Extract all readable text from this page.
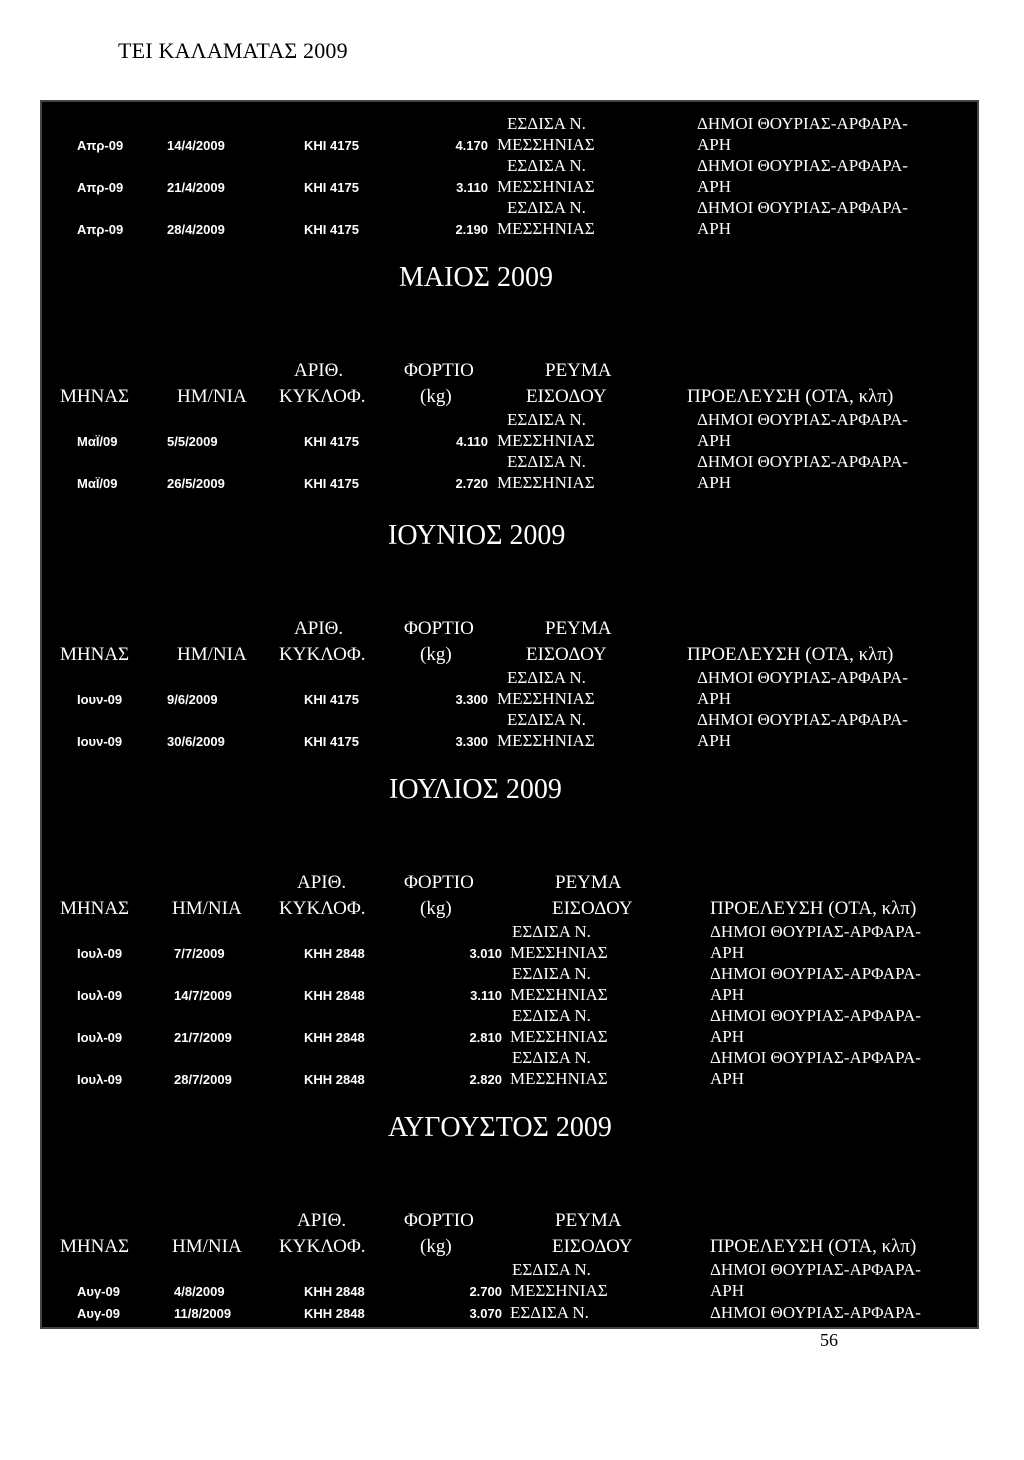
ΤΕΙ ΚΑΛΑΜΑΤΑΣ 2009
ΕΣΔΙΣΑ Ν.	ΔΗΜΟΙ ΘΟΥΡΙΑΣ-ΑΡΦΑΡΑ-
Απρ-09	14/4/2009	ΚΗΙ 4175	4.170 ΜΕΣΣΗΝΙΑΣ	ΑΡΗ
ΕΣΔΙΣΑ Ν.	ΔΗΜΟΙ ΘΟΥΡΙΑΣ-ΑΡΦΑΡΑ-
Απρ-09	21/4/2009	ΚΗΙ 4175	3.110 ΜΕΣΣΗΝΙΑΣ	ΑΡΗ
ΕΣΔΙΣΑ Ν.	ΔΗΜΟΙ ΘΟΥΡΙΑΣ-ΑΡΦΑΡΑ-
Απρ-09	28/4/2009	ΚΗΙ 4175	2.190 ΜΕΣΣΗΝΙΑΣ	ΑΡΗ
ΜΑΙΟΣ 2009
ΑΡΙΘ.	ΦΟΡΤΙΟ	ΡΕΥΜΑ
ΜΗΝΑΣ	ΗΜ/ΝΙΑ ΚΥΚΛΟΦ.	(kg)	ΕΙΣΟΔΟΥ	ΠΡΟΕΛΕΥΣΗ (ΟΤΑ, κλπ)
ΕΣΔΙΣΑ Ν.	ΔΗΜΟΙ ΘΟΥΡΙΑΣ-ΑΡΦΑΡΑ-
ΜαΪ/09	5/5/2009	ΚΗΙ 4175	4.110 ΜΕΣΣΗΝΙΑΣ	ΑΡΗ
ΕΣΔΙΣΑ Ν.	ΔΗΜΟΙ ΘΟΥΡΙΑΣ-ΑΡΦΑΡΑ-
ΜαΪ/09	26/5/2009	ΚΗΙ 4175	2.720 ΜΕΣΣΗΝΙΑΣ	ΑΡΗ
ΙΟΥΝΙΟΣ 2009
ΑΡΙΘ.	ΦΟΡΤΙΟ	ΡΕΥΜΑ
ΜΗΝΑΣ	ΗΜ/ΝΙΑ ΚΥΚΛΟΦ.	(kg)	ΕΙΣΟΔΟΥ	ΠΡΟΕΛΕΥΣΗ (ΟΤΑ, κλπ)
ΕΣΔΙΣΑ Ν.	ΔΗΜΟΙ ΘΟΥΡΙΑΣ-ΑΡΦΑΡΑ-
Ιουν-09	9/6/2009	ΚΗΙ 4175	3.300 ΜΕΣΣΗΝΙΑΣ	ΑΡΗ
ΕΣΔΙΣΑ Ν.	ΔΗΜΟΙ ΘΟΥΡΙΑΣ-ΑΡΦΑΡΑ-
Ιουν-09	30/6/2009	ΚΗΙ 4175	3.300 ΜΕΣΣΗΝΙΑΣ	ΑΡΗ
ΙΟΥΛΙΟΣ 2009
ΑΡΙΘ.	ΦΟΡΤΙΟ	ΡΕΥΜΑ
ΜΗΝΑΣ ΗΜ/ΝΙΑ ΚΥΚΛΟΦ.	(kg)	ΕΙΣΟΔΟΥ	ΠΡΟΕΛΕΥΣΗ (ΟΤΑ, κλπ)
ΕΣΔΙΣΑ Ν.	ΔΗΜΟΙ ΘΟΥΡΙΑΣ-ΑΡΦΑΡΑ-
Ιουλ-09	7/7/2009	ΚΗΗ 2848	3.010 ΜΕΣΣΗΝΙΑΣ	ΑΡΗ
ΕΣΔΙΣΑ Ν.	ΔΗΜΟΙ ΘΟΥΡΙΑΣ-ΑΡΦΑΡΑ-
Ιουλ-09	14/7/2009	ΚΗΗ 2848	3.110 ΜΕΣΣΗΝΙΑΣ	ΑΡΗ
ΕΣΔΙΣΑ Ν.	ΔΗΜΟΙ ΘΟΥΡΙΑΣ-ΑΡΦΑΡΑ-
Ιουλ-09	21/7/2009	ΚΗΗ 2848	2.810 ΜΕΣΣΗΝΙΑΣ	ΑΡΗ
ΕΣΔΙΣΑ Ν.	ΔΗΜΟΙ ΘΟΥΡΙΑΣ-ΑΡΦΑΡΑ-
Ιουλ-09	28/7/2009	ΚΗΗ 2848	2.820 ΜΕΣΣΗΝΙΑΣ	ΑΡΗ
ΑΥΓΟΥΣΤΟΣ 2009
ΑΡΙΘ.	ΦΟΡΤΙΟ	ΡΕΥΜΑ
ΜΗΝΑΣ ΗΜ/ΝΙΑ ΚΥΚΛΟΦ.	(kg)	ΕΙΣΟΔΟΥ	ΠΡΟΕΛΕΥΣΗ (ΟΤΑ, κλπ)
ΕΣΔΙΣΑ Ν.	ΔΗΜΟΙ ΘΟΥΡΙΑΣ-ΑΡΦΑΡΑ-
Αυγ-09	4/8/2009	ΚΗΗ 2848	2.700 ΜΕΣΣΗΝΙΑΣ	ΑΡΗ
Αυγ-09	11/8/2009	ΚΗΗ 2848	3.070 ΕΣΔΙΣΑ Ν.	ΔΗΜΟΙ ΘΟΥΡΙΑΣ-ΑΡΦΑΡΑ-
56
